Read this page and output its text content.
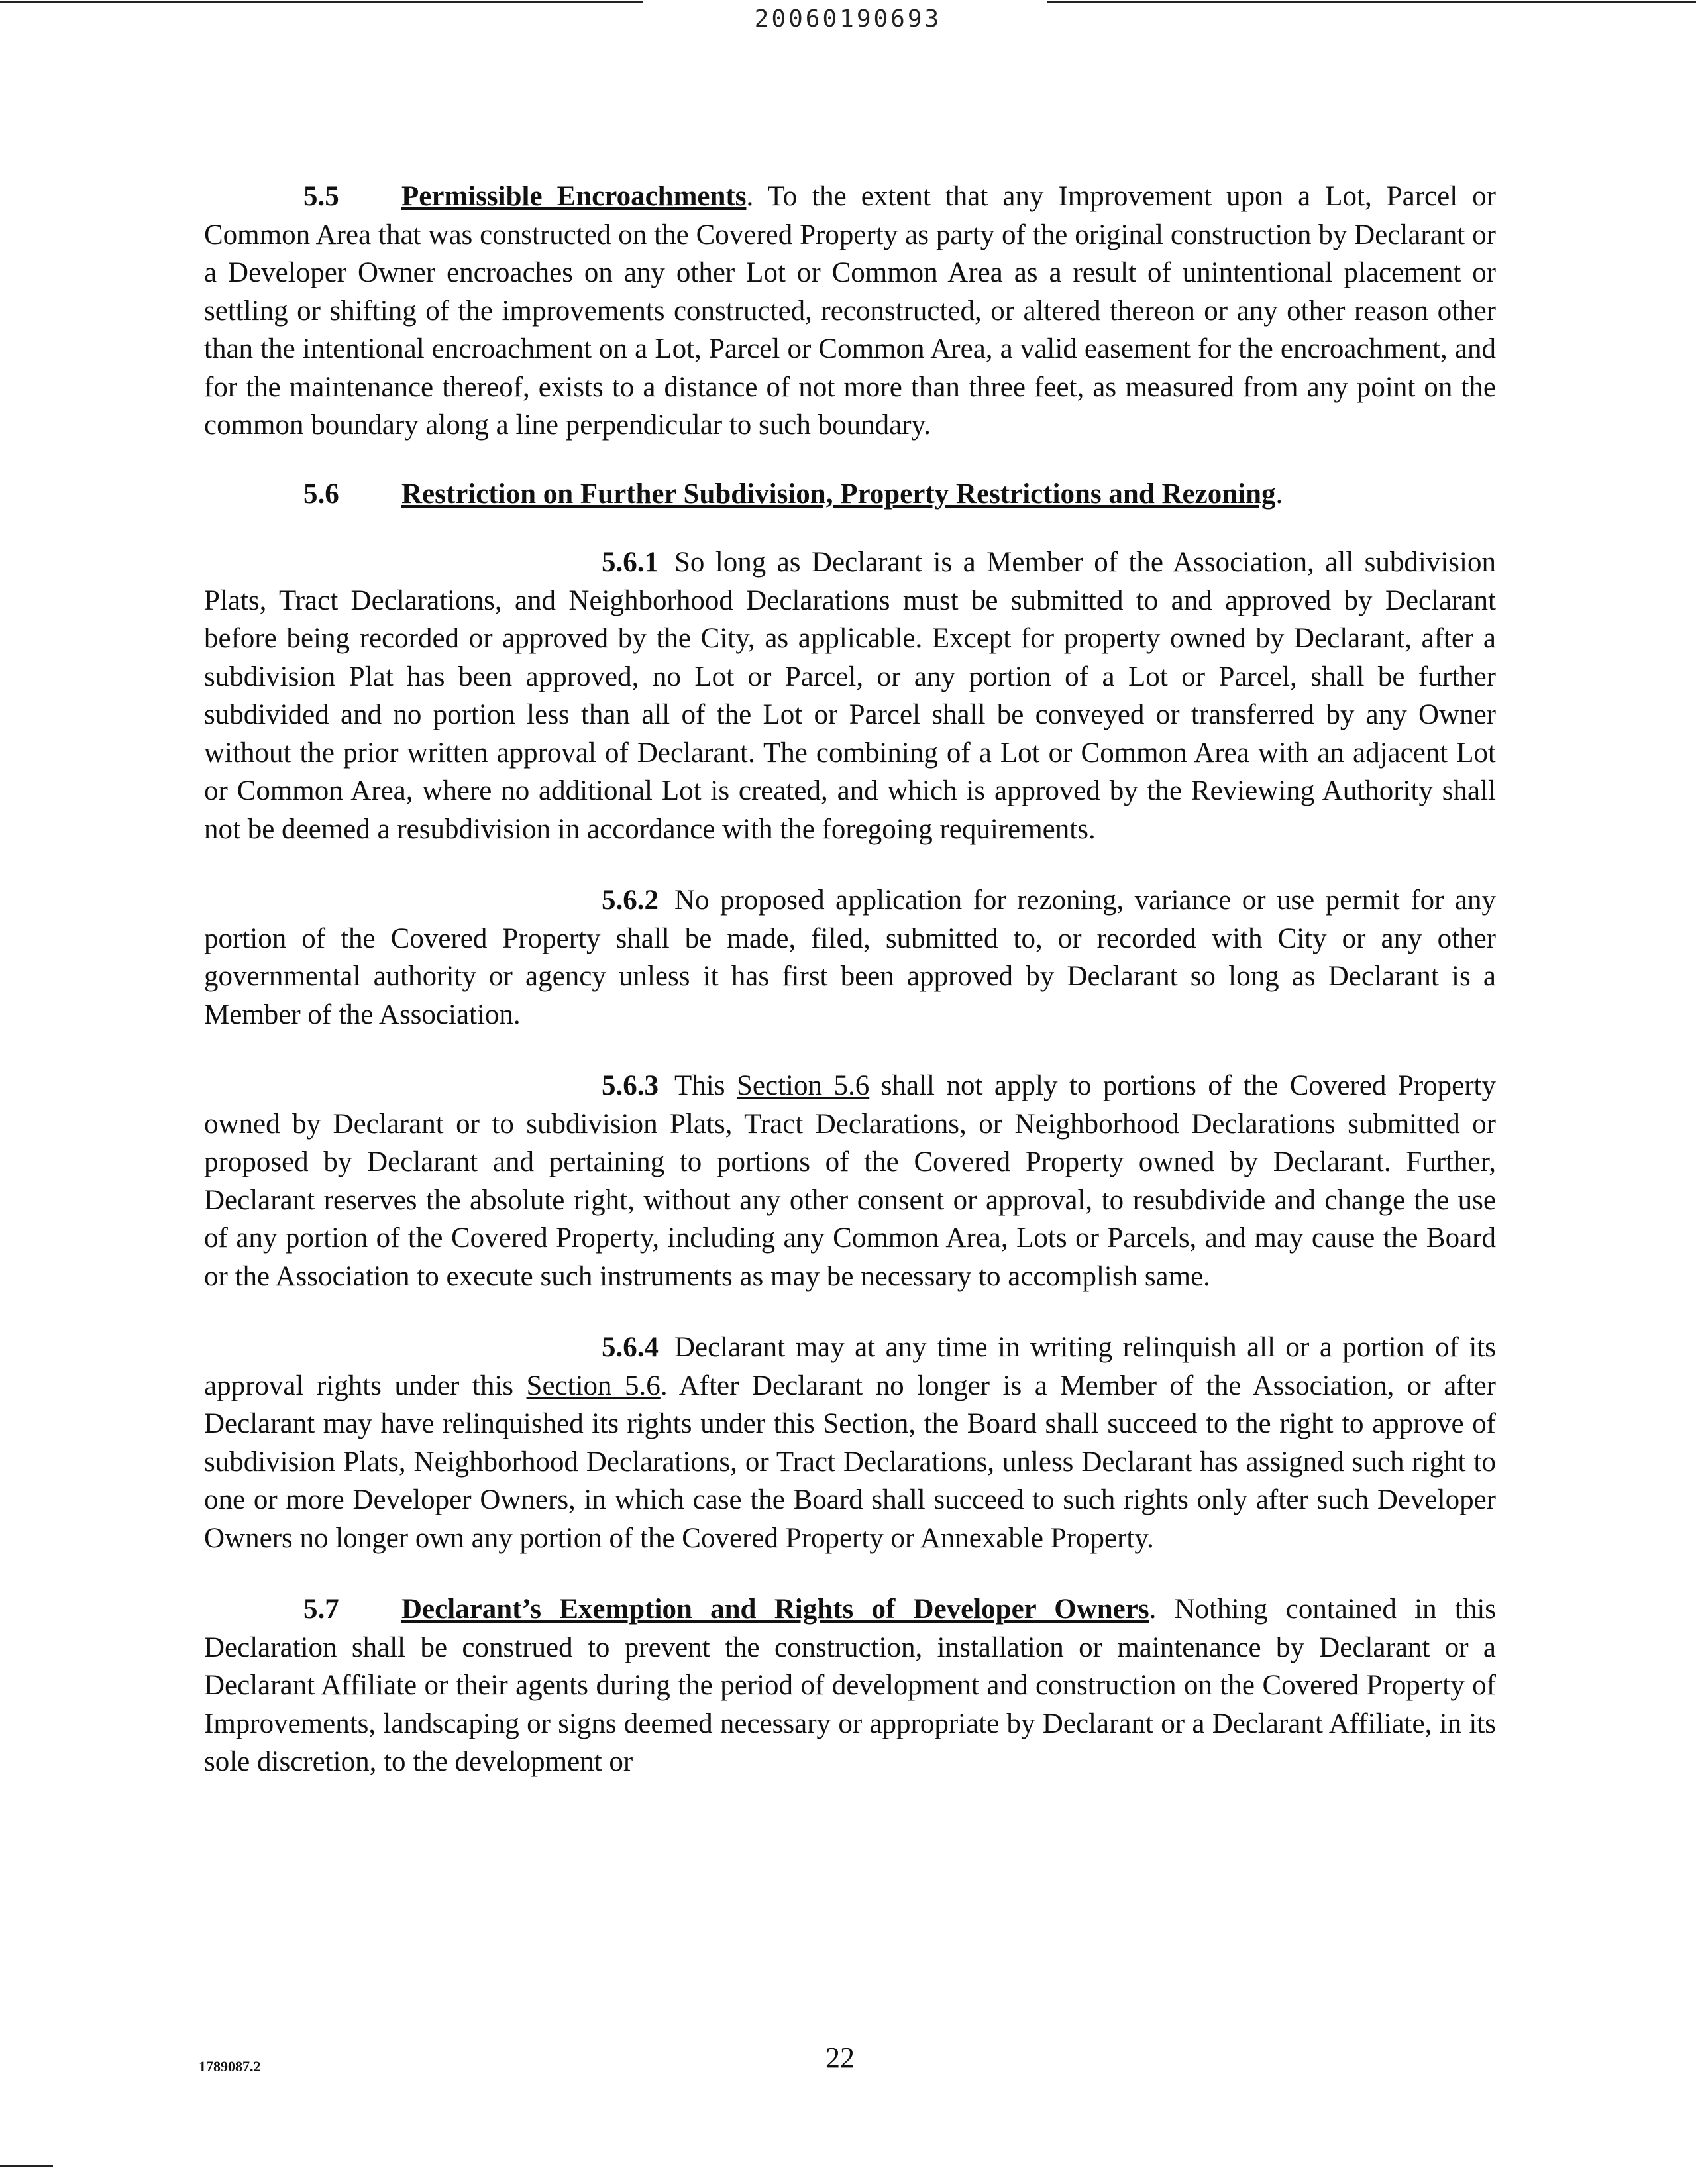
20060190693

5.5 Permissible Encroachments. To the extent that any Improvement upon a Lot, Parcel or Common Area that was constructed on the Covered Property as party of the original construction by Declarant or a Developer Owner encroaches on any other Lot or Common Area as a result of unintentional placement or settling or shifting of the improvements constructed, reconstructed, or altered thereon or any other reason other than the intentional encroachment on a Lot, Parcel or Common Area, a valid easement for the encroachment, and for the maintenance thereof, exists to a distance of not more than three feet, as measured from any point on the common boundary along a line perpendicular to such boundary.

5.6 Restriction on Further Subdivision, Property Restrictions and Rezoning.

5.6.1 So long as Declarant is a Member of the Association, all subdivision Plats, Tract Declarations, and Neighborhood Declarations must be submitted to and approved by Declarant before being recorded or approved by the City, as applicable. Except for property owned by Declarant, after a subdivision Plat has been approved, no Lot or Parcel, or any portion of a Lot or Parcel, shall be further subdivided and no portion less than all of the Lot or Parcel shall be conveyed or transferred by any Owner without the prior written approval of Declarant. The combining of a Lot or Common Area with an adjacent Lot or Common Area, where no additional Lot is created, and which is approved by the Reviewing Authority shall not be deemed a resubdivision in accordance with the foregoing requirements.

5.6.2 No proposed application for rezoning, variance or use permit for any portion of the Covered Property shall be made, filed, submitted to, or recorded with City or any other governmental authority or agency unless it has first been approved by Declarant so long as Declarant is a Member of the Association.

5.6.3 This Section 5.6 shall not apply to portions of the Covered Property owned by Declarant or to subdivision Plats, Tract Declarations, or Neighborhood Declarations submitted or proposed by Declarant and pertaining to portions of the Covered Property owned by Declarant. Further, Declarant reserves the absolute right, without any other consent or approval, to resubdivide and change the use of any portion of the Covered Property, including any Common Area, Lots or Parcels, and may cause the Board or the Association to execute such instruments as may be necessary to accomplish same.

5.6.4 Declarant may at any time in writing relinquish all or a portion of its approval rights under this Section 5.6. After Declarant no longer is a Member of the Association, or after Declarant may have relinquished its rights under this Section, the Board shall succeed to the right to approve of subdivision Plats, Neighborhood Declarations, or Tract Declarations, unless Declarant has assigned such right to one or more Developer Owners, in which case the Board shall succeed to such rights only after such Developer Owners no longer own any portion of the Covered Property or Annexable Property.

5.7 Declarant’s Exemption and Rights of Developer Owners. Nothing contained in this Declaration shall be construed to prevent the construction, installation or maintenance by Declarant or a Declarant Affiliate or their agents during the period of development and construction on the Covered Property of Improvements, landscaping or signs deemed necessary or appropriate by Declarant or a Declarant Affiliate, in its sole discretion, to the development or

1789087.2	22
